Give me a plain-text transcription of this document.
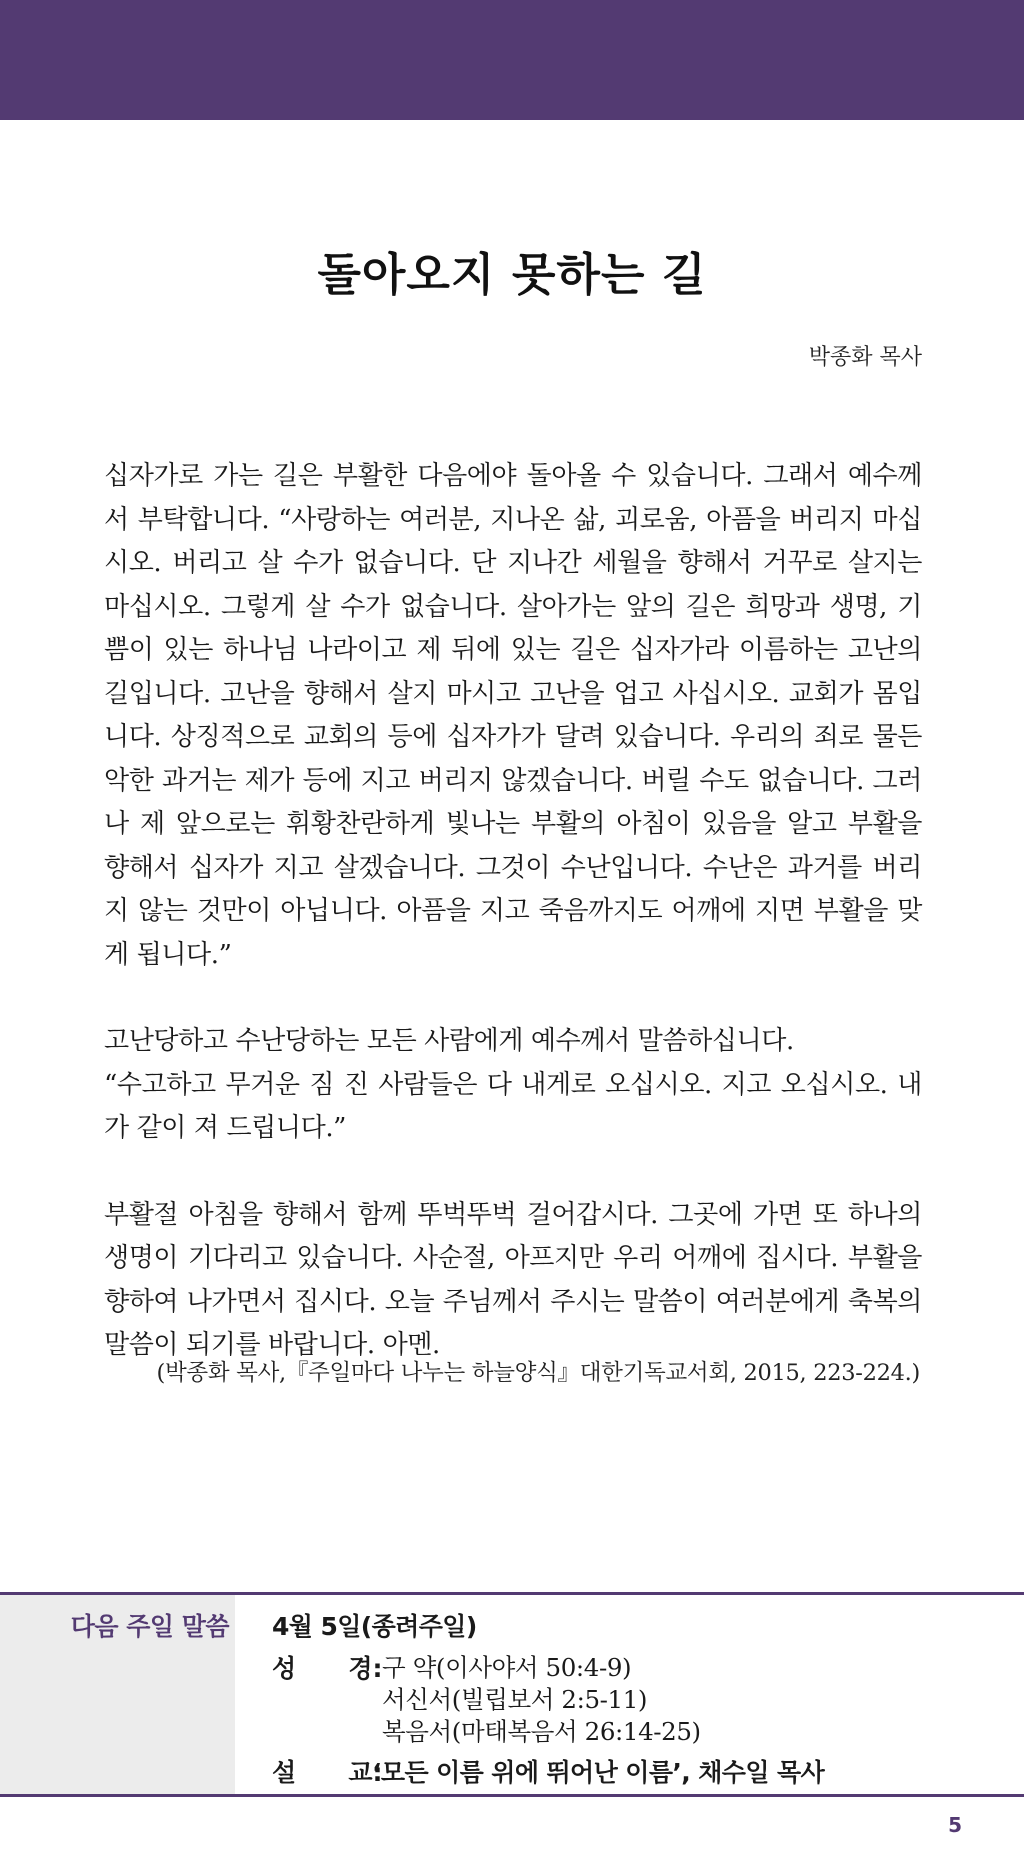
돌아오지 못하는 길
박종화 목사

십자가로 가는 길은 부활한 다음에야 돌아올 수 있습니다. 그래서 예수께서 부탁합니다. “사랑하는 여러분, 지나온 삶, 괴로움, 아픔을 버리지 마십시오. 버리고 살 수가 없습니다. 단 지나간 세월을 향해서 거꾸로 살지는 마십시오. 그렇게 살 수가 없습니다. 살아가는 앞의 길은 희망과 생명, 기쁨이 있는 하나님 나라이고 제 뒤에 있는 길은 십자가라 이름하는 고난의 길입니다. 고난을 향해서 살지 마시고 고난을 업고 사십시오. 교회가 몸입니다. 상징적으로 교회의 등에 십자가가 달려 있습니다. 우리의 죄로 물든 악한 과거는 제가 등에 지고 버리지 않겠습니다. 버릴 수도 없습니다. 그러나 제 앞으로는 휘황찬란하게 빛나는 부활의 아침이 있음을 알고 부활을 향해서 십자가 지고 살겠습니다. 그것이 수난입니다. 수난은 과거를 버리지 않는 것만이 아닙니다. 아픔을 지고 죽음까지도 어깨에 지면 부활을 맞게 됩니다.”

고난당하고 수난당하는 모든 사람에게 예수께서 말씀하십니다.
“수고하고 무거운 짐 진 사람들은 다 내게로 오십시오. 지고 오십시오. 내가 같이 져 드립니다.”

부활절 아침을 향해서 함께 뚜벅뚜벅 걸어갑시다. 그곳에 가면 또 하나의 생명이 기다리고 있습니다. 사순절, 아프지만 우리 어깨에 집시다. 부활을 향하여 나가면서 집시다. 오늘 주님께서 주시는 말씀이 여러분에게 축복의 말씀이 되기를 바랍니다. 아멘.

(박종화 목사,『주일마다 나누는 하늘양식』대한기독교서회, 2015, 223-224.)
다음 주일 말씀 4월 5일(종려주일)
성      경: 구 약(이사야서 50:4-9)
서신서(빌립보서 2:5-11)
복음서(마태복음서 26:14-25)
설      교:‘모든 이름 위에 뛰어난 이름’, 채수일 목사
5
